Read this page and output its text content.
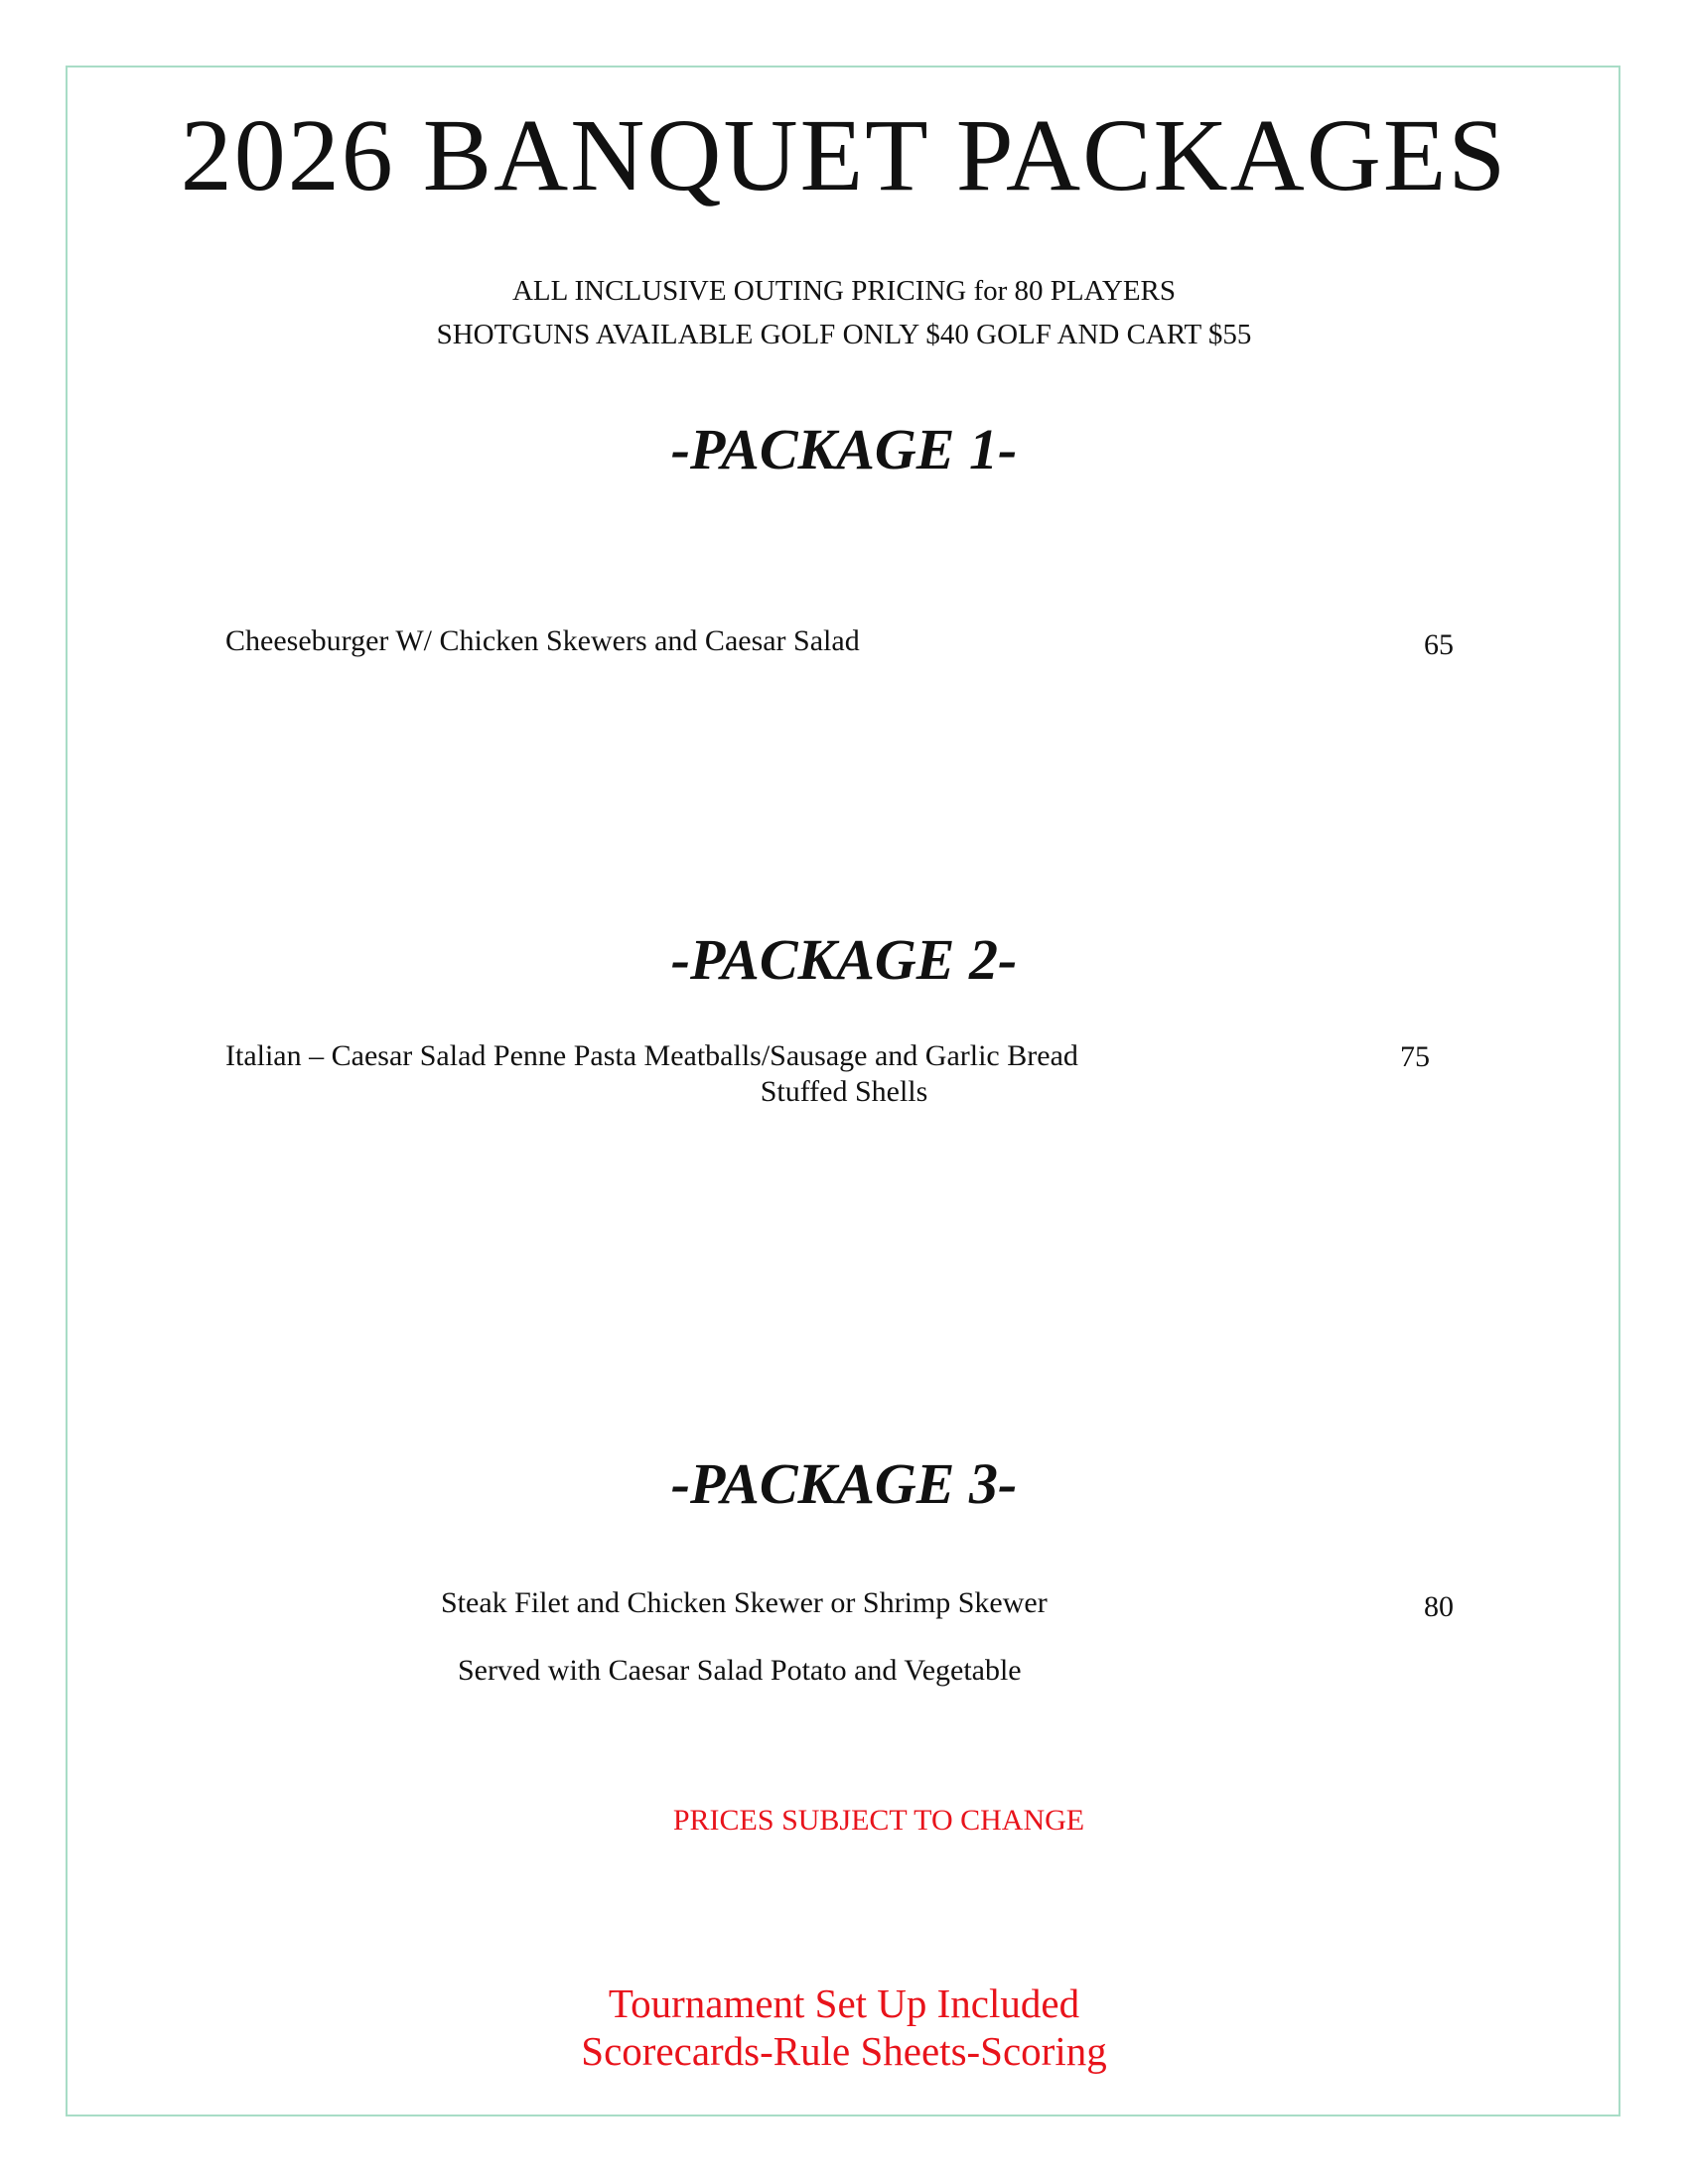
2026 BANQUET PACKAGES
ALL INCLUSIVE OUTING PRICING for 80 PLAYERS
SHOTGUNS AVAILABLE GOLF ONLY $40 GOLF AND CART $55
-PACKAGE 1-
Cheeseburger W/ Chicken Skewers and Caesar Salad	65
-PACKAGE 2-
Italian – Caesar Salad Penne Pasta Meatballs/Sausage and Garlic Bread
Stuffed Shells
75
-PACKAGE 3-
Steak Filet and Chicken Skewer or Shrimp Skewer
Served with Caesar Salad Potato and Vegetable
80
PRICES SUBJECT TO CHANGE
Tournament Set Up Included
Scorecards-Rule Sheets-Scoring
